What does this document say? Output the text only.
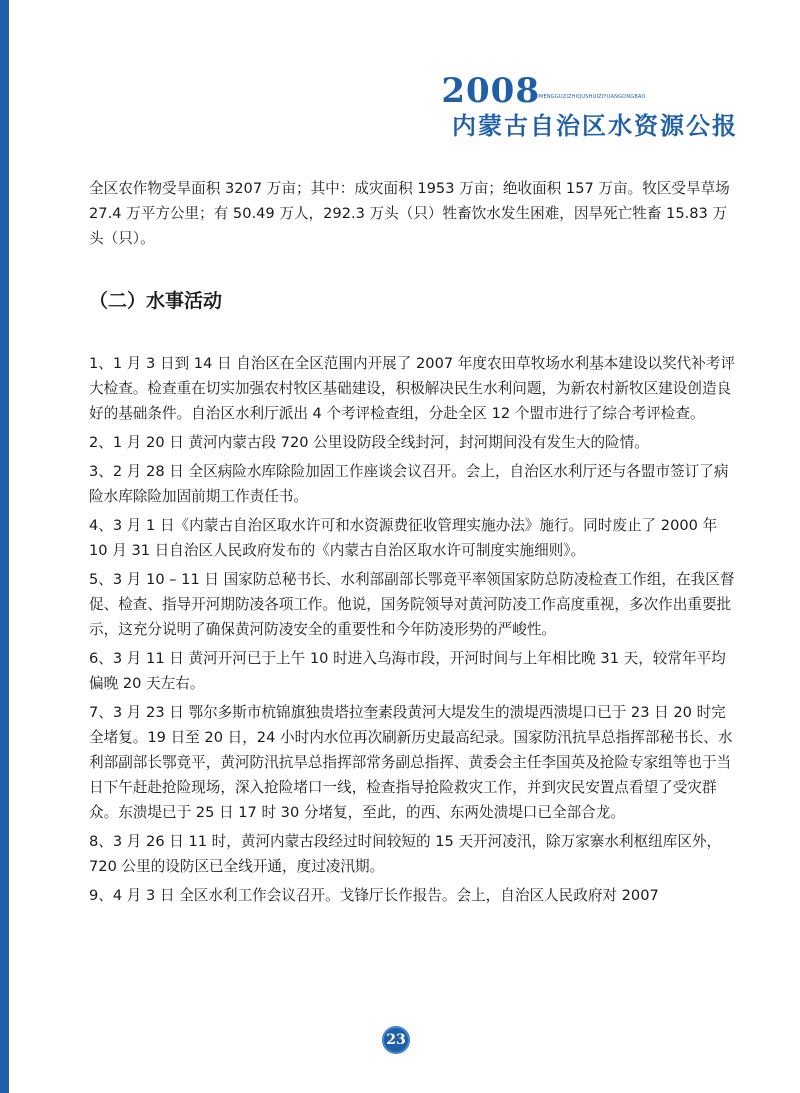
2008
NEIMENGGUZIZHIQUSHUIZIYUANGONGBAO
内蒙古自治区水资源公报

全区农作物受旱面积 3207 万亩；其中：成灾面积 1953 万亩；绝收面积 157 万亩。牧区受旱草场 27.4 万平方公里；有 50.49 万人，292.3 万头（只）牲畜饮水发生困难，因旱死亡牲畜 15.83 万头（只）。

（二）水事活动

1、1 月 3 日到 14 日 自治区在全区范围内开展了 2007 年度农田草牧场水利基本建设以奖代补考评大检查。检查重在切实加强农村牧区基础建设，积极解决民生水利问题，为新农村新牧区建设创造良好的基础条件。自治区水利厅派出 4 个考评检查组，分赴全区 12 个盟市进行了综合考评检查。

2、1 月 20 日 黄河内蒙古段 720 公里设防段全线封河，封河期间没有发生大的险情。

3、2 月 28 日 全区病险水库除险加固工作座谈会议召开。会上，自治区水利厅还与各盟市签订了病险水库除险加固前期工作责任书。

4、3 月 1 日《内蒙古自治区取水许可和水资源费征收管理实施办法》施行。同时废止了 2000 年 10 月 31 日自治区人民政府发布的《内蒙古自治区取水许可制度实施细则》。

5、3 月 10 – 11 日 国家防总秘书长、水利部副部长鄂竟平率领国家防总防凌检查工作组，在我区督促、检查、指导开河期防凌各项工作。他说，国务院领导对黄河防凌工作高度重视，多次作出重要批示，这充分说明了确保黄河防凌安全的重要性和今年防凌形势的严峻性。

6、3 月 11 日 黄河开河已于上午 10 时进入乌海市段，开河时间与上年相比晚 31 天，较常年平均偏晚 20 天左右。

7、3 月 23 日 鄂尔多斯市杭锦旗独贵塔拉奎素段黄河大堤发生的溃堤西溃堤口已于 23 日 20 时完全堵复。19 日至 20 日，24 小时内水位再次刷新历史最高纪录。国家防汛抗旱总指挥部秘书长、水利部副部长鄂竟平，黄河防汛抗旱总指挥部常务副总指挥、黄委会主任李国英及抢险专家组等也于当日下午赶赴抢险现场，深入抢险堵口一线，检查指导抢险救灾工作，并到灾民安置点看望了受灾群众。东溃堤已于 25 日 17 时 30 分堵复，至此，的西、东两处溃堤口已全部合龙。

8、3 月 26 日 11 时，黄河内蒙古段经过时间较短的 15 天开河凌汛，除万家寨水利枢纽库区外，720 公里的设防区已全线开通，度过凌汛期。

9、4 月 3 日 全区水利工作会议召开。戈锋厅长作报告。会上，自治区人民政府对 2007

23
